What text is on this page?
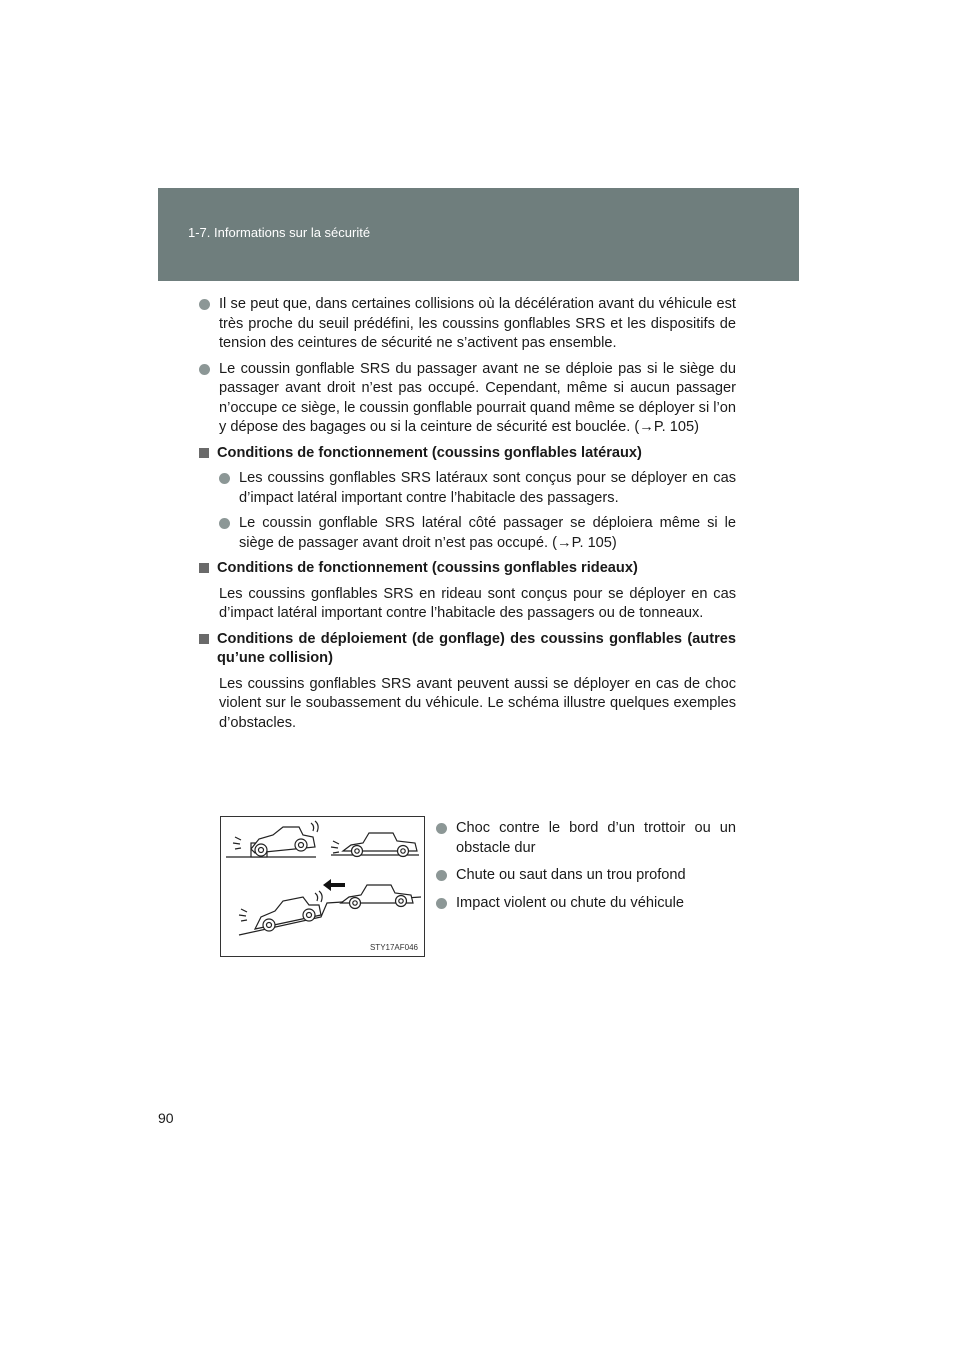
1-7. Informations sur la sécurité
Il se peut que, dans certaines collisions où la décélération avant du véhicule est très proche du seuil prédéfini, les coussins gonflables SRS et les dispositifs de tension des ceintures de sécurité ne s’activent pas ensemble.
Le coussin gonflable SRS du passager avant ne se déploie pas si le siège du passager avant droit n’est pas occupé. Cependant, même si aucun passager n’occupe ce siège, le coussin gonflable pourrait quand même se déployer si l’on y dépose des bagages ou si la ceinture de sécurité est bouclée. (→P. 105)
Conditions de fonctionnement (coussins gonflables latéraux)
Les coussins gonflables SRS latéraux sont conçus pour se déployer en cas d’impact latéral important contre l’habitacle des passagers.
Le coussin gonflable SRS latéral côté passager se déploiera même si le siège de passager avant droit n’est pas occupé. (→P. 105)
Conditions de fonctionnement (coussins gonflables rideaux)
Les coussins gonflables SRS en rideau sont conçus pour se déployer en cas d’impact latéral important contre l’habitacle des passagers ou de tonneaux.
Conditions de déploiement (de gonflage) des coussins gonflables (autres qu’une collision)
Les coussins gonflables SRS avant peuvent aussi se déployer en cas de choc violent sur le soubassement du véhicule. Le schéma illustre quelques exemples d’obstacles.
STY17AF046
Choc contre le bord d’un trottoir ou un obstacle dur
Chute ou saut dans un trou profond
Impact violent ou chute du véhicule
90
